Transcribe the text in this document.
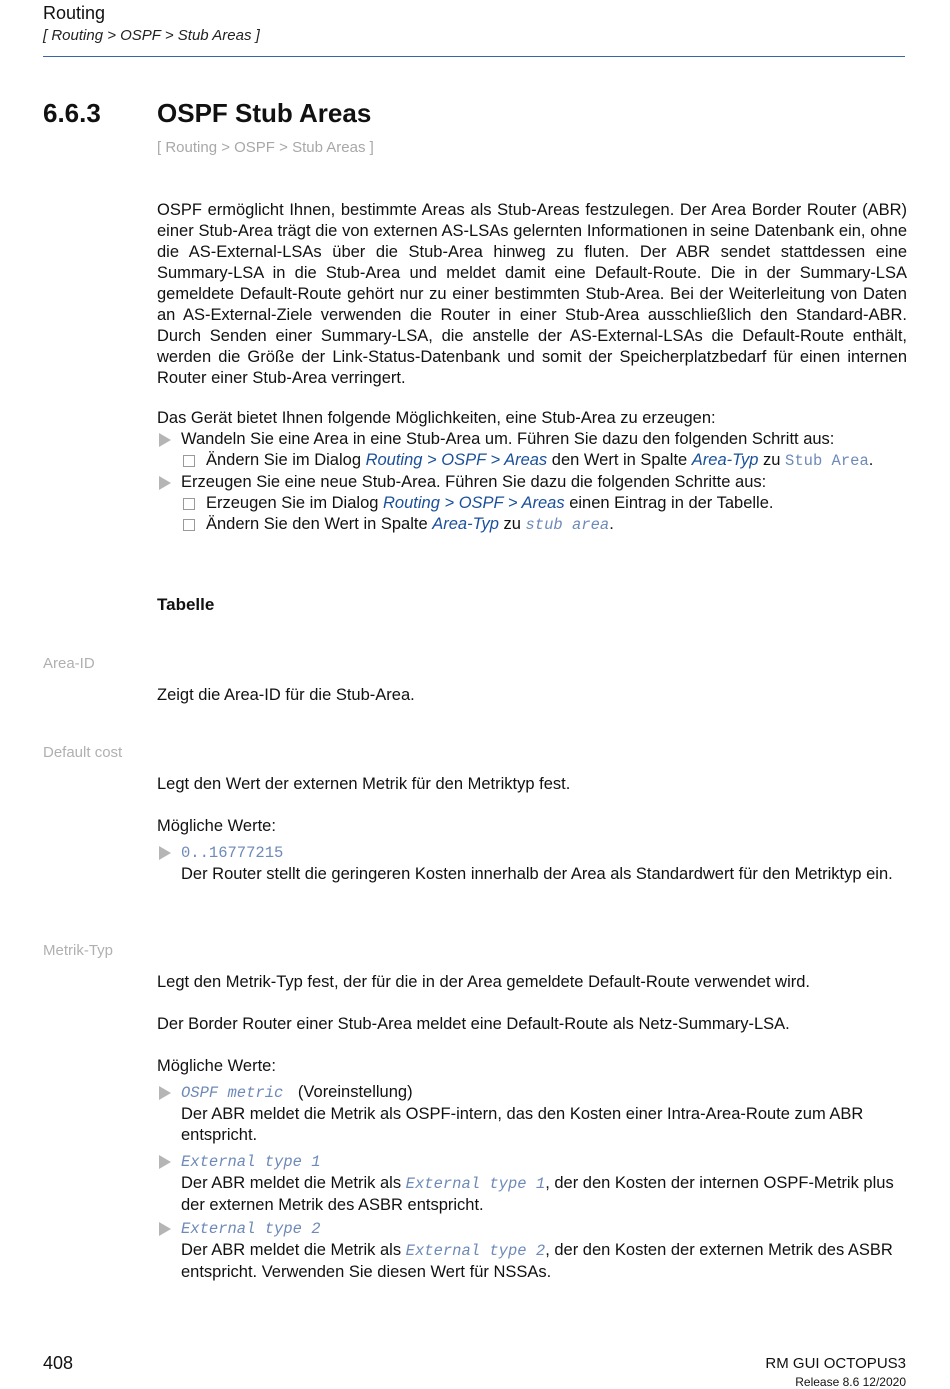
Routing
[ Routing > OSPF > Stub Areas ]
6.6.3 OSPF Stub Areas
[ Routing > OSPF > Stub Areas ]

OSPF ermöglicht Ihnen, bestimmte Areas als Stub-Areas festzulegen. Der Area Border Router (ABR) einer Stub-Area trägt die von externen AS-LSAs gelernten Informationen in seine Datenbank ein, ohne die AS-External-LSAs über die Stub-Area hinweg zu fluten. Der ABR sendet stattdessen eine Summary-LSA in die Stub-Area und meldet damit eine Default-Route. Die in der Summary-LSA gemeldete Default-Route gehört nur zu einer bestimmten Stub-Area. Bei der Weiterleitung von Daten an AS-External-Ziele verwenden die Router in einer Stub-Area ausschließlich den Standard-ABR. Durch Senden einer Summary-LSA, die anstelle der AS-External-LSAs die Default-Route enthält, werden die Größe der Link-Status-Datenbank und somit der Speicherplatzbedarf für einen internen Router einer Stub-Area verringert.

Das Gerät bietet Ihnen folgende Möglichkeiten, eine Stub-Area zu erzeugen:

Wandeln Sie eine Area in eine Stub-Area um. Führen Sie dazu den folgenden Schritt aus:
Ändern Sie im Dialog Routing > OSPF > Areas den Wert in Spalte Area-Typ zu Stub Area.
Erzeugen Sie eine neue Stub-Area. Führen Sie dazu die folgenden Schritte aus:
Erzeugen Sie im Dialog Routing > OSPF > Areas einen Eintrag in der Tabelle.
Ändern Sie den Wert in Spalte Area-Typ zu stub area.
Tabelle
Area-ID
Zeigt die Area-ID für die Stub-Area.
Default cost
Legt den Wert der externen Metrik für den Metriktyp fest.
Mögliche Werte:
0..16777215
Der Router stellt die geringeren Kosten innerhalb der Area als Standardwert für den Metriktyp ein.
Metrik-Typ
Legt den Metrik-Typ fest, der für die in der Area gemeldete Default-Route verwendet wird.
Der Border Router einer Stub-Area meldet eine Default-Route als Netz-Summary-LSA.
Mögliche Werte:
OSPF metric (Voreinstellung)
Der ABR meldet die Metrik als OSPF-intern, das den Kosten einer Intra-Area-Route zum ABR entspricht.
External type 1
Der ABR meldet die Metrik als External type 1, der den Kosten der internen OSPF-Metrik plus der externen Metrik des ASBR entspricht.
External type 2
Der ABR meldet die Metrik als External type 2, der den Kosten der externen Metrik des ASBR entspricht. Verwenden Sie diesen Wert für NSSAs.
408	RM GUI OCTOPUS3
Release 8.6 12/2020
